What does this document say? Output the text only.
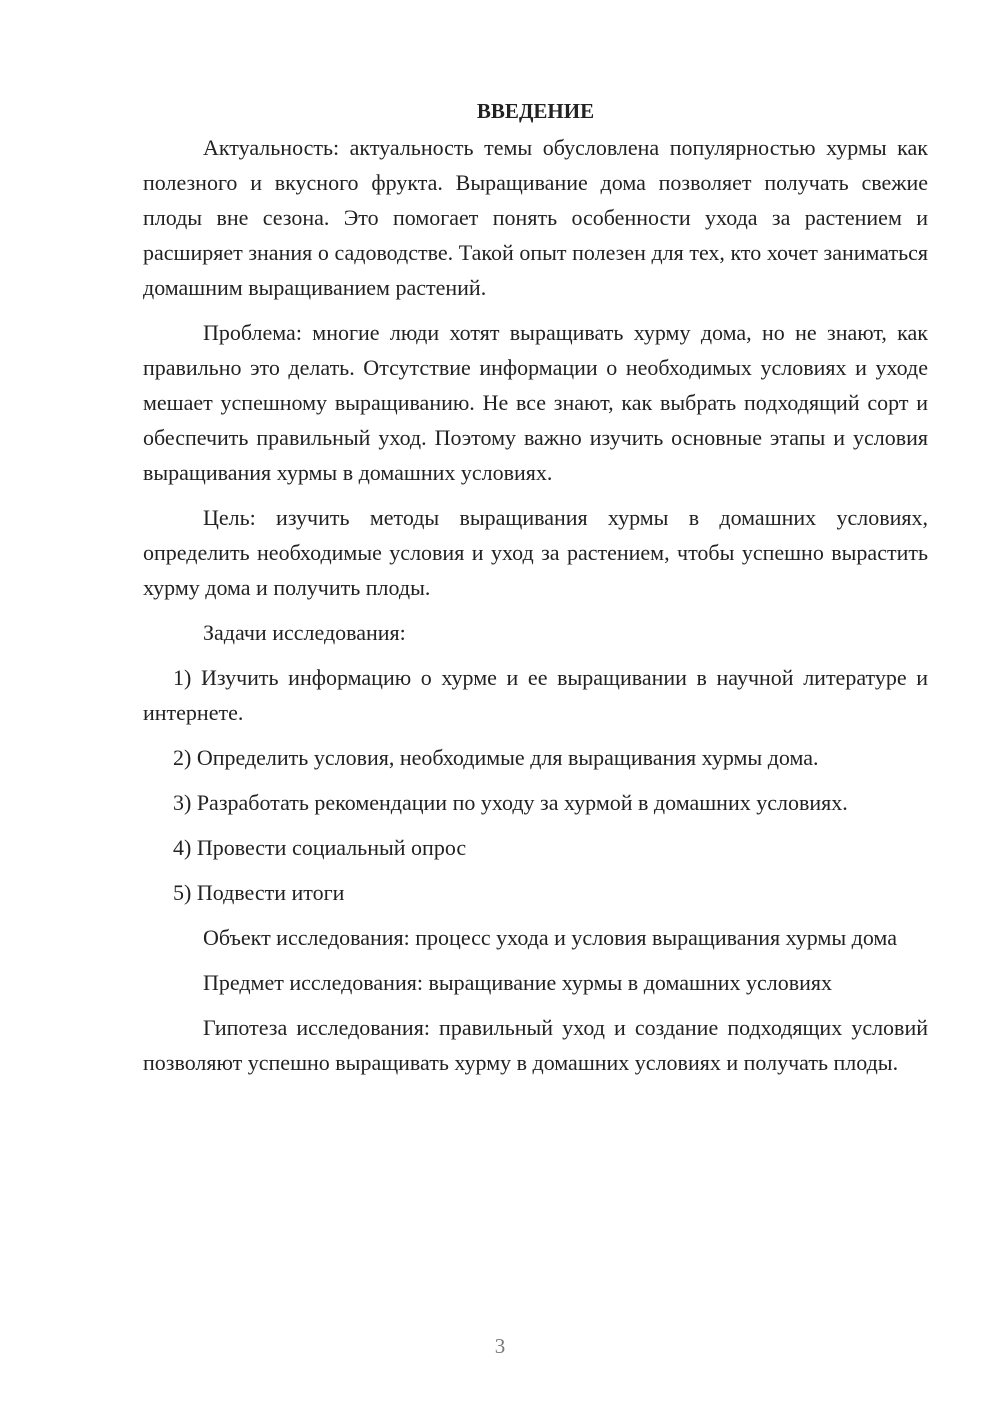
ВВЕДЕНИЕ

Актуальность: актуальность темы обусловлена популярностью хурмы как полезного и вкусного фрукта. Выращивание дома позволяет получать свежие плоды вне сезона. Это помогает понять особенности ухода за растением и расширяет знания о садоводстве. Такой опыт полезен для тех, кто хочет заниматься домашним выращиванием растений.

Проблема: многие люди хотят выращивать хурму дома, но не знают, как правильно это делать. Отсутствие информации о необходимых условиях и уходе мешает успешному выращиванию. Не все знают, как выбрать подходящий сорт и обеспечить правильный уход. Поэтому важно изучить основные этапы и условия выращивания хурмы в домашних условиях.

Цель: изучить методы выращивания хурмы в домашних условиях, определить необходимые условия и уход за растением, чтобы успешно вырастить хурму дома и получить плоды.

Задачи исследования:

1) Изучить информацию о хурме и ее выращивании в научной литературе и интернете.

2) Определить условия, необходимые для выращивания хурмы дома.

3) Разработать рекомендации по уходу за хурмой в домашних условиях.

4) Провести социальный опрос

5) Подвести итоги

Объект исследования: процесс ухода и условия выращивания хурмы дома

Предмет исследования: выращивание хурмы в домашних условиях

Гипотеза исследования: правильный уход и создание подходящих условий позволяют успешно выращивать хурму в домашних условиях и получать плоды.

3
